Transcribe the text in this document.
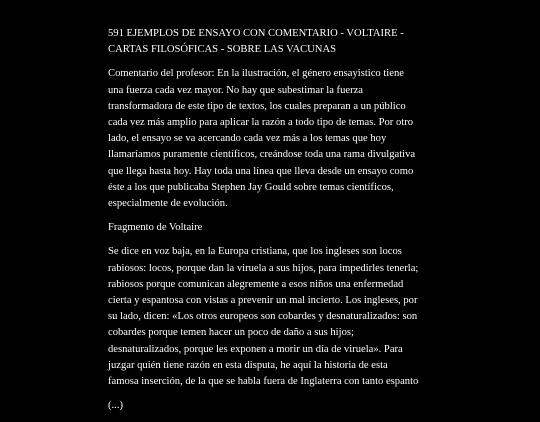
591 EJEMPLOS DE ENSAYO CON COMENTARIO - VOLTAIRE - CARTAS FILOSÓFICAS - SOBRE LAS VACUNAS

Comentario del profesor: En la ilustración, el género ensayistico tiene una fuerza cada vez mayor. No hay que subestimar la fuerza transformadora de este tipo de textos, los cuales preparan a un público cada vez más amplio para aplicar la razón a todo tipo de temas. Por otro lado, el ensayo se va acercando cada vez más a los temas que hoy llamaríamos puramente científicos, creándose toda una rama divulgativa que llega hasta hoy. Hay toda una línea que lleva desde un ensayo como éste a los que publicaba Stephen Jay Gould sobre temas científicos, especialmente de evolución.

Fragmento de Voltaire

Se dice en voz baja, en la Europa cristiana, que los ingleses son locos rabiosos: locos, porque dan la viruela a sus hijos, para impedirles tenerla; rabiosos porque comunican alegremente a esos niños una enfermedad cierta y espantosa con vistas a prevenir un mal incierto. Los ingleses, por su lado, dicen: «Los otros europeos son cobardes y desnaturalizados: son cobardes porque temen hacer un poco de daño a sus hijos; desnaturalizados, porque les exponen a morir un día de viruela». Para juzgar quién tiene razón en esta disputa, he aquí la historia de esta famosa inserción, de la que se habla fuera de Inglaterra con tanto espanto

(...)
